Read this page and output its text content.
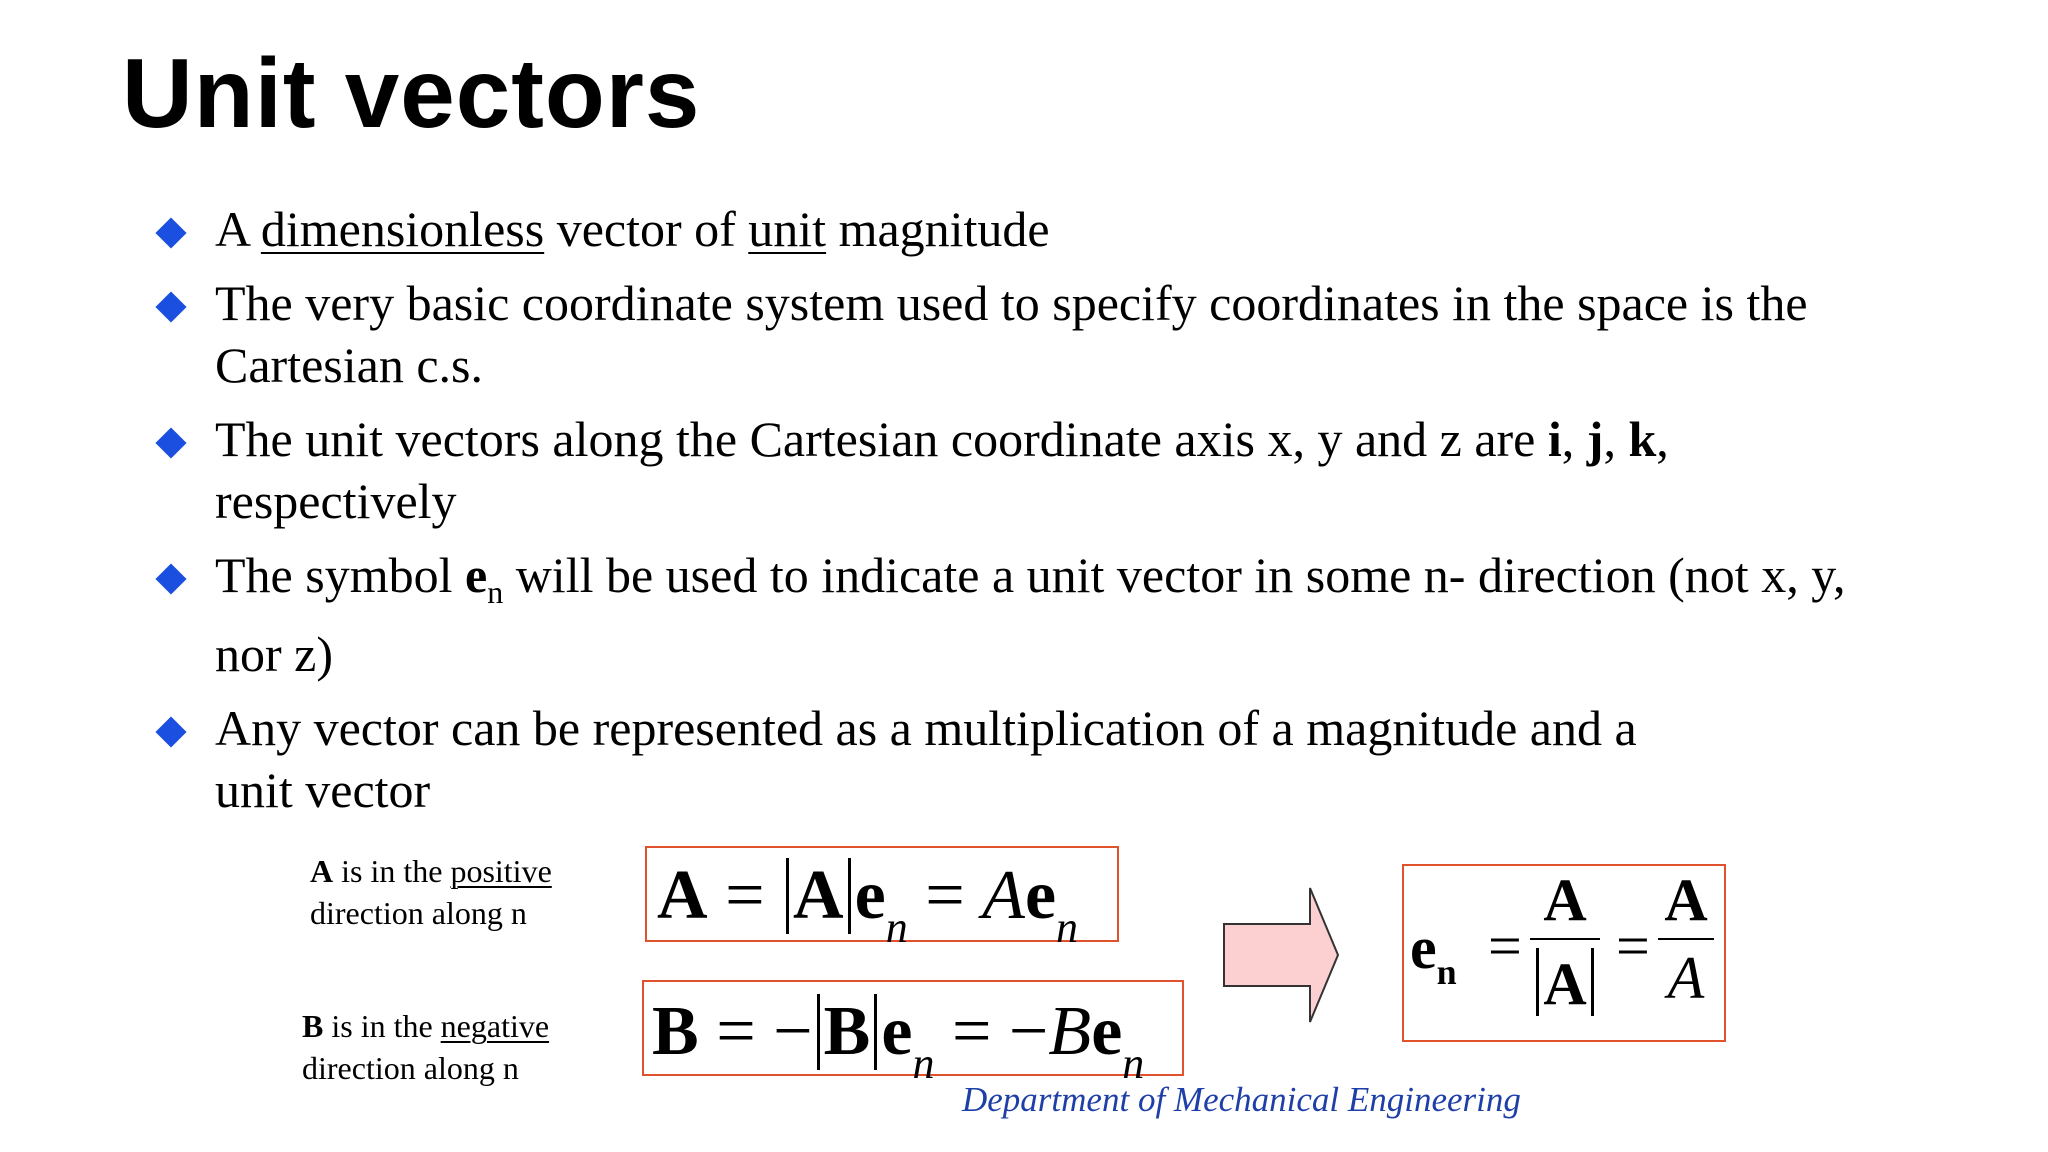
Unit vectors
A dimensionless vector of unit magnitude
The very basic coordinate system used to specify coordinates in the space is the Cartesian c.s.
The unit vectors along the Cartesian coordinate axis x, y and z are i, j, k, respectively
The symbol $e_n$ will be used to indicate a unit vector in some n- direction (not x, y, nor z)
Any vector can be represented as a multiplication of a magnitude and a unit vector
A is in the positive
direction along n
B is in the negative
direction along n
A = A $e_n = Ae_n$
B = − B $e_n = -Be_n$
$e_n$ =
A
A
=
A
A
Department of Mechanical Engineering
